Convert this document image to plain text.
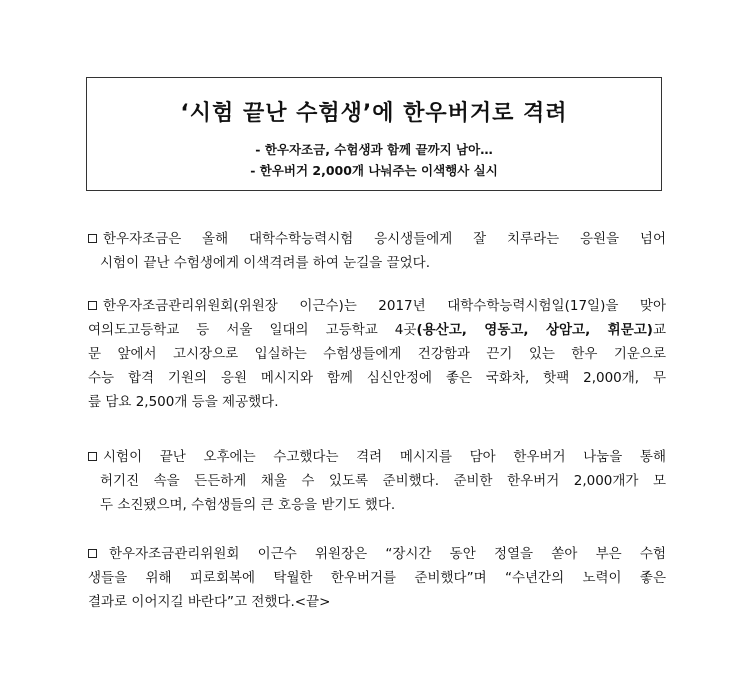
‘시험 끝난 수험생’에 한우버거로 격려
- 한우자조금, 수험생과 함께 끝까지 남아…
- 한우버거 2,000개 나눠주는 이색행사 실시
한우자조금은 올해 대학수학능력시험 응시생들에게 잘 치루라는 응원을 넘어
시험이 끝난 수험생에게 이색격려를 하여 눈길을 끌었다.
한우자조금관리위원회(위원장 이근수)는 2017년 대학수학능력시험일(17일)을 맞아
여의도고등학교 등 서울 일대의 고등학교 4곳(용산고, 영동고, 상암고, 휘문고)교
문 앞에서 고시장으로 입실하는 수험생들에게 건강함과 끈기 있는 한우 기운으로
수능 합격 기원의 응원 메시지와 함께 심신안정에 좋은 국화차, 핫팩 2,000개, 무
릎 담요 2,500개 등을 제공했다.
시험이 끝난 오후에는 수고했다는 격려 메시지를 담아 한우버거 나눔을 통해
허기진 속을 든든하게 채울 수 있도록 준비했다. 준비한 한우버거 2,000개가 모
두 소진됐으며, 수험생들의 큰 호응을 받기도 했다.
한우자조금관리위원회 이근수 위원장은 “장시간 동안 정열을 쏟아 부은 수험
생들을 위해 피로회복에 탁월한 한우버거를 준비했다”며 “수년간의 노력이 좋은
결과로 이어지길 바란다”고 전했다.<끝>
